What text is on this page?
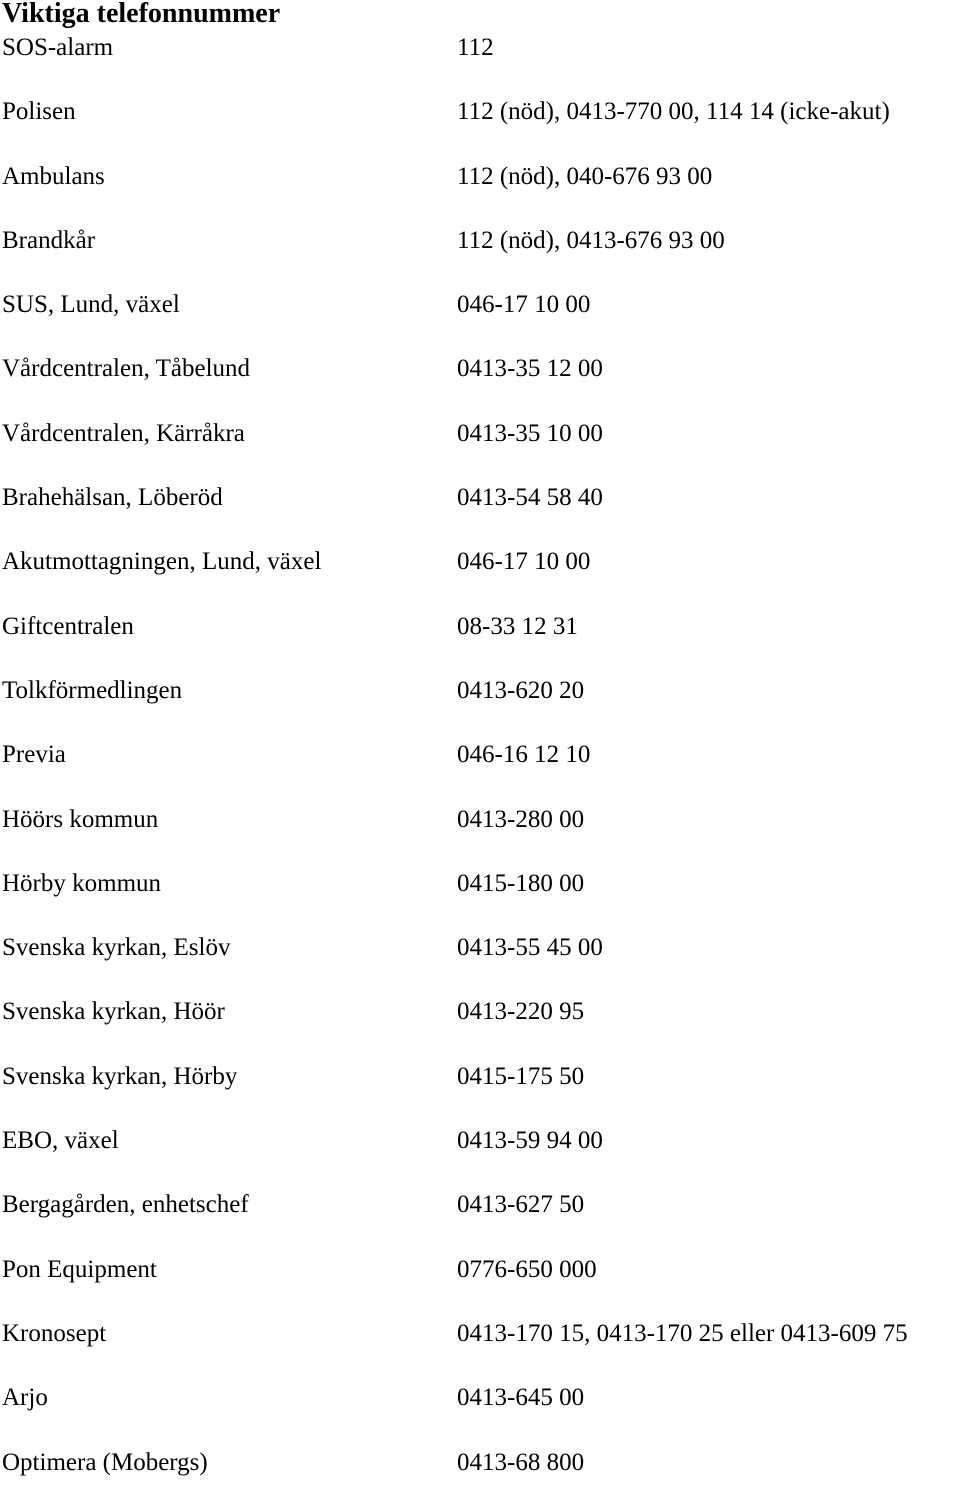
Viktiga telefonnummer
SOS-alarm	112
Polisen	112 (nöd), 0413-770 00, 114 14 (icke-akut)
Ambulans	112 (nöd), 040-676 93 00
Brandkår	112 (nöd), 0413-676 93 00
SUS, Lund, växel	046-17 10 00
Vårdcentralen, Tåbelund	0413-35 12 00
Vårdcentralen, Kärråkra	0413-35 10 00
Brahehälsan, Löberöd	0413-54 58 40
Akutmottagningen, Lund, växel	046-17 10 00
Giftcentralen	08-33 12 31
Tolkförmedlingen	0413-620 20
Previa	046-16 12 10
Höörs kommun	0413-280 00
Hörby kommun	0415-180 00
Svenska kyrkan, Eslöv	0413-55 45 00
Svenska kyrkan, Höör	0413-220 95
Svenska kyrkan, Hörby	0415-175 50
EBO, växel	0413-59 94 00
Bergagården, enhetschef	0413-627 50
Pon Equipment	0776-650 000
Kronosept	0413-170 15, 0413-170 25 eller 0413-609 75
Arjo	0413-645 00
Optimera (Mobergs)	0413-68 800
